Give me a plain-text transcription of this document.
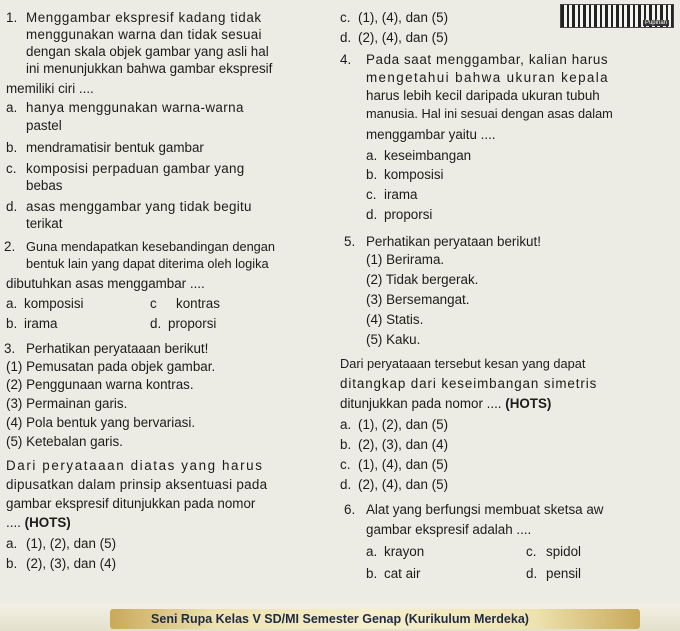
Pupinah
1. Menggambar ekspresif kadang tidak
menggunakan warna dan tidak sesuai
dengan skala objek gambar yang asli hal
ini menunjukkan bahwa gambar ekspresif
memiliki ciri ....
a. hanya menggunakan warna-warna
pastel
b. mendramatisir bentuk gambar
c. komposisi perpaduan gambar yang
bebas
d. asas menggambar yang tidak begitu
terikat
2. Guna mendapatkan kesebandingan dengan
bentuk lain yang dapat diterima oleh logika
dibutuhkan asas menggambar ....
a. komposisi	c kontras
b. irama	d. proporsi
3. Perhatikan peryataaan berikut!
(1) Pemusatan pada objek gambar.
(2) Penggunaan warna kontras.
(3) Permainan garis.
(4) Pola bentuk yang bervariasi.
(5) Ketebalan garis.
Dari peryataaan diatas yang harus
dipusatkan dalam prinsip aksentuasi pada
gambar ekspresif ditunjukkan pada nomor
.... (HOTS)
a. (1), (2), dan (5)
b. (2), (3), dan (4)
c. (1), (4), dan (5)
d. (2), (4), dan (5)
4. Pada saat menggambar, kalian harus
mengetahui bahwa ukuran kepala
harus lebih kecil daripada ukuran tubuh
manusia. Hal ini sesuai dengan asas dalam
menggambar yaitu ....
a. keseimbangan
b. komposisi
c. irama
d. proporsi
5. Perhatikan peryataan berikut!
(1) Berirama.
(2) Tidak bergerak.
(3) Bersemangat.
(4) Statis.
(5) Kaku.
Dari peryataaan tersebut kesan yang dapat
ditangkap dari keseimbangan simetris
ditunjukkan pada nomor .... (HOTS)
a. (1), (2), dan (5)
b. (2), (3), dan (4)
c. (1), (4), dan (5)
d. (2), (4), dan (5)
6. Alat yang berfungsi membuat sketsa aw
gambar ekspresif adalah ....
a. krayon	c. spidol
b. cat air	d. pensil
Seni Rupa Kelas V SD/MI Semester Genap (Kurikulum Merdeka)
